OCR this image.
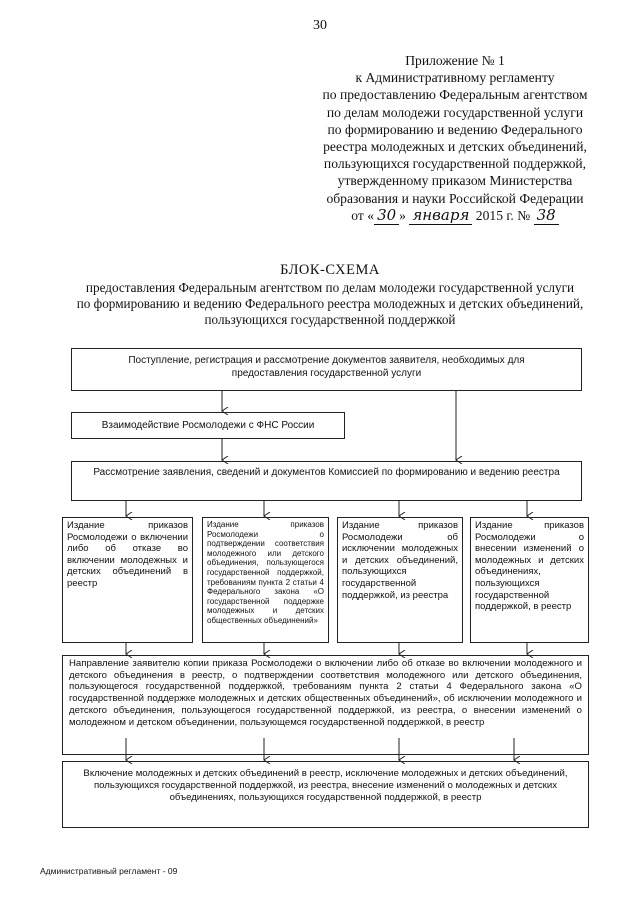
30
Приложение № 1
к Административному регламенту
по предоставлению Федеральным агентством
по делам молодежи государственной услуги
по формированию и ведению Федерального
реестра молодежных и детских объединений,
пользующихся государственной поддержкой,
утвержденному приказом Министерства
образования и науки Российской Федерации
от « 30 » января 2015 г. № 38
БЛОК-СХЕМА
предоставления Федеральным агентством по делам молодежи государственной услуги
по формированию и ведению Федерального реестра молодежных и детских объединений,
пользующихся государственной поддержкой
Поступление, регистрация и рассмотрение документов заявителя, необходимых для предоставления государственной услуги
Взаимодействие Росмолодежи с ФНС России
Рассмотрение заявления, сведений и документов Комиссией по формированию и ведению реестра
Издание приказов Росмолодежи о включении либо об отказе во включении молодежных и детских объединений в реестр
Издание приказов Росмолодежи о подтверждении соответствия молодежного или детского объединения, пользующегося государственной поддержкой, требованиям пункта 2 статьи 4 Федерального закона «О государственной поддержке молодежных и детских общественных объединений»
Издание приказов Росмолодежи об исключении молодежных и детских объединений, пользующихся государственной поддержкой, из реестра
Издание приказов Росмолодежи о внесении изменений о молодежных и детских объединениях, пользующихся государственной поддержкой, в реестр
Направление заявителю копии приказа Росмолодежи о включении либо об отказе во включении молодежного и детского объединения в реестр, о подтверждении соответствия молодежного или детского объединения, пользующегося государственной поддержкой, требованиям пункта 2 статьи 4 Федерального закона «О государственной поддержке молодежных и детских общественных объединений», об исключении молодежного и детского объединения, пользующегося государственной поддержкой, из реестра, о внесении изменений о молодежном и детском объединении, пользующемся государственной поддержкой, в реестр
Включение молодежных и детских объединений в реестр, исключение молодежных и детских объединений, пользующихся государственной поддержкой, из реестра, внесение изменений о молодежных и детских объединениях, пользующихся государственной поддержкой, в реестр
Административный регламент - 09
